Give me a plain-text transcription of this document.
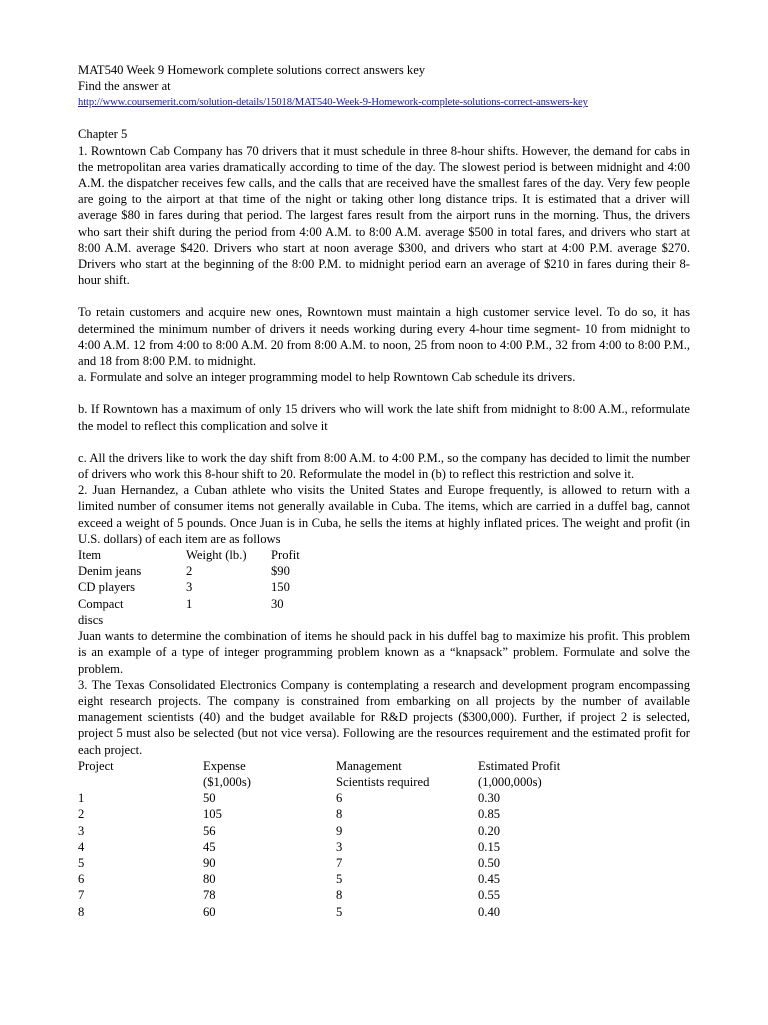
MAT540 Week 9 Homework complete solutions correct answers key
Find the answer at
http://www.coursemerit.com/solution-details/15018/MAT540-Week-9-Homework-complete-solutions-correct-answers-key

Chapter 5

1. Rowntown Cab Company has 70 drivers that it must schedule in three 8-hour shifts. However, the demand for cabs in the metropolitan area varies dramatically according to time of the day. The slowest period is between midnight and 4:00 A.M. the dispatcher receives few calls, and the calls that are received have the smallest fares of the day. Very few people are going to the airport at that time of the night or taking other long distance trips. It is estimated that a driver will average $80 in fares during that period. The largest fares result from the airport runs in the morning. Thus, the drivers who sart their shift during the period from 4:00 A.M. to 8:00 A.M. average $500 in total fares, and drivers who start at 8:00 A.M. average $420. Drivers who start at noon average $300, and drivers who start at 4:00 P.M. average $270. Drivers who start at the beginning of the 8:00 P.M. to midnight period earn an average of $210 in fares during their 8-hour shift.

To retain customers and acquire new ones, Rowntown must maintain a high customer service level. To do so, it has determined the minimum number of drivers it needs working during every 4-hour time segment- 10 from midnight to 4:00 A.M. 12 from 4:00 to 8:00 A.M. 20 from 8:00 A.M. to noon, 25 from noon to 4:00 P.M., 32 from 4:00 to 8:00 P.M., and 18 from 8:00 P.M. to midnight.

a. Formulate and solve an integer programming model to help Rowntown Cab schedule its drivers.

b. If Rowntown has a maximum of only 15 drivers who will work the late shift from midnight to 8:00 A.M., reformulate the model to reflect this complication and solve it

c. All the drivers like to work the day shift from 8:00 A.M. to 4:00 P.M., so the company has decided to limit the number of drivers who work this 8-hour shift to 20. Reformulate the model in (b) to reflect this restriction and solve it.

2. Juan Hernandez, a Cuban athlete who visits the United States and Europe frequently, is allowed to return with a limited number of consumer items not generally available in Cuba. The items, which are carried in a duffel bag, cannot exceed a weight of 5 pounds. Once Juan is in Cuba, he sells the items at highly inflated prices. The weight and profit (in U.S. dollars) of each item are as follows

Item	Weight (lb.)	Profit
Denim jeans	2	$90
CD players	3	150
Compact	1	30
discs		

Juan wants to determine the combination of items he should pack in his duffel bag to maximize his profit. This problem is an example of a type of integer programming problem known as a “knapsack” problem. Formulate and solve the problem.

3. The Texas Consolidated Electronics Company is contemplating a research and development program encompassing eight research projects. The company is constrained from embarking on all projects by the number of available management scientists (40) and the budget available for R&D projects ($300,000). Further, if project 2 is selected, project 5 must also be selected (but not vice versa). Following are the resources requirement and the estimated profit for each project.

Project	Expense	Management	Estimated Profit
	($1,000s)	Scientists required	(1,000,000s)
1	50	6	0.30
2	105	8	0.85
3	56	9	0.20
4	45	3	0.15
5	90	7	0.50
6	80	5	0.45
7	78	8	0.55
8	60	5	0.40
